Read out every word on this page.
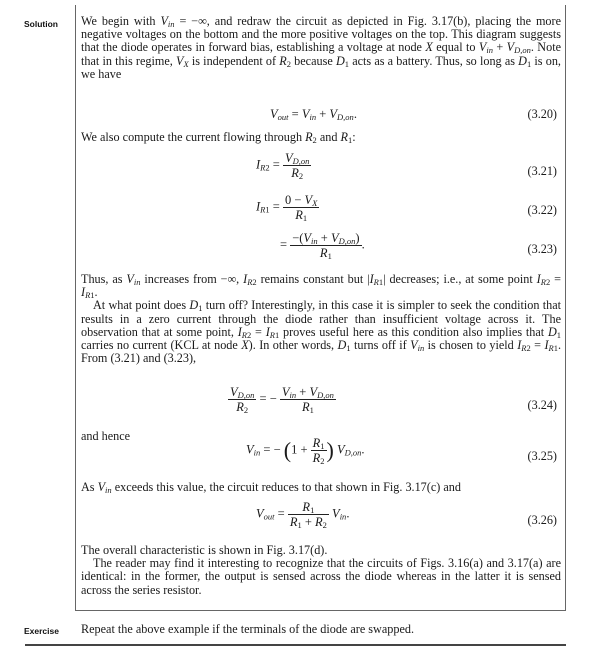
Solution We begin with $V_{in}$ = −∞, and redraw the circuit as depicted in Fig. 3.17(b), placing the more negative voltages on the bottom and the more positive voltages on the top. This diagram suggests that the diode operates in forward bias, establishing a voltage at node X equal to $V_{in} + V_{D,on}$. Note that in this regime, $V_X$ is independent of $R_2$ because $D_1$ acts as a battery. Thus, so long as $D_1$ is on, we have

$V_{out} = V_{in} + V_{D,on}$.	(3.20)

We also compute the current flowing through $R_2$ and $R_1$:

$I_{R2} = \frac{V_{D,on}}{R_2}$	(3.21)
$I_{R1} = \frac{0 - V_X}{R_1}$	(3.22)
= $\frac{-(V_{in} + V_{D,on})}{R_1}$ .	(3.23)

Thus, as $V_{in}$ increases from −∞, $I_{R2}$ remains constant but $|I_{R1}|$ decreases; i.e., at some point $I_{R2} = I_{R1}$.

At what point does $D_1$ turn off? Interestingly, in this case it is simpler to seek the condition that results in a zero current through the diode rather than insufficient voltage across it. The observation that at some point, $I_{R2} = I_{R1}$ proves useful here as this condition also implies that $D_1$ carries no current (KCL at node X). In other words, $D_1$ turns off if $V_{in}$ is chosen to yield $I_{R2} = I_{R1}$. From (3.21) and (3.23),

$\frac{V_{D,on}}{R_2}$ = − $\frac{V_{in} + V_{D,on}}{R_1}$	(3.24)

and hence

$V_{in}$ = − ($1 + \frac{R_1}{R_2}$ ) $V_{D,on}$.	(3.25)

As $V_{in}$ exceeds this value, the circuit reduces to that shown in Fig. 3.17(c) and

$V_{out} = \frac{R_1}{R_1 + R_2} V_{in}$.	(3.26)

The overall characteristic is shown in Fig. 3.17(d).

The reader may find it interesting to recognize that the circuits of Figs. 3.16(a) and 3.17(a) are identical: in the former, the output is sensed across the diode whereas in the latter it is sensed across the series resistor.

Exercise Repeat the above example if the terminals of the diode are swapped.
